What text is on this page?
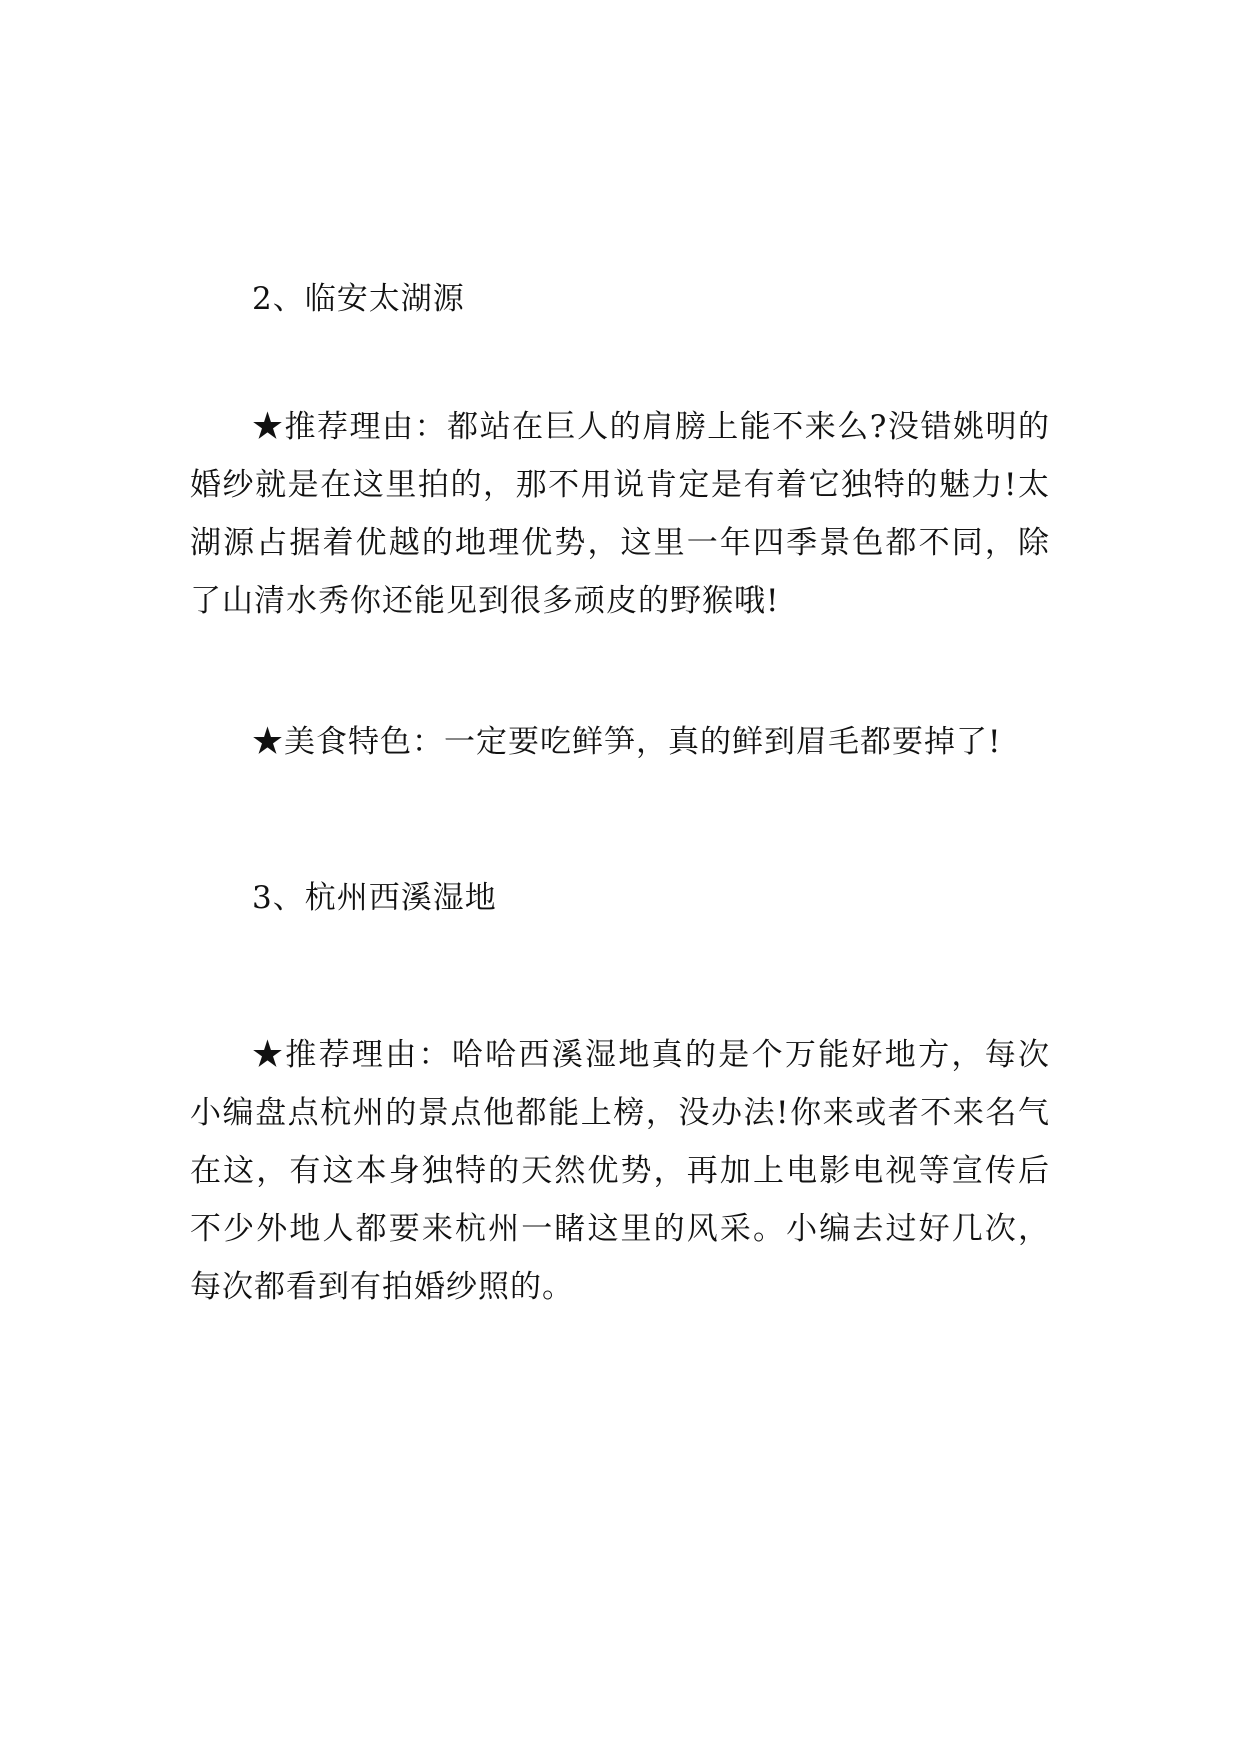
2、临安太湖源

★推荐理由：都站在巨人的肩膀上能不来么?没错姚明的婚纱就是在这里拍的，那不用说肯定是有着它独特的魅力!太湖源占据着优越的地理优势，这里一年四季景色都不同，除了山清水秀你还能见到很多顽皮的野猴哦!

★美食特色：一定要吃鲜笋，真的鲜到眉毛都要掉了!

3、杭州西溪湿地

★推荐理由：哈哈西溪湿地真的是个万能好地方，每次小编盘点杭州的景点他都能上榜，没办法!你来或者不来名气在这，有这本身独特的天然优势，再加上电影电视等宣传后不少外地人都要来杭州一睹这里的风采。小编去过好几次，每次都看到有拍婚纱照的。
